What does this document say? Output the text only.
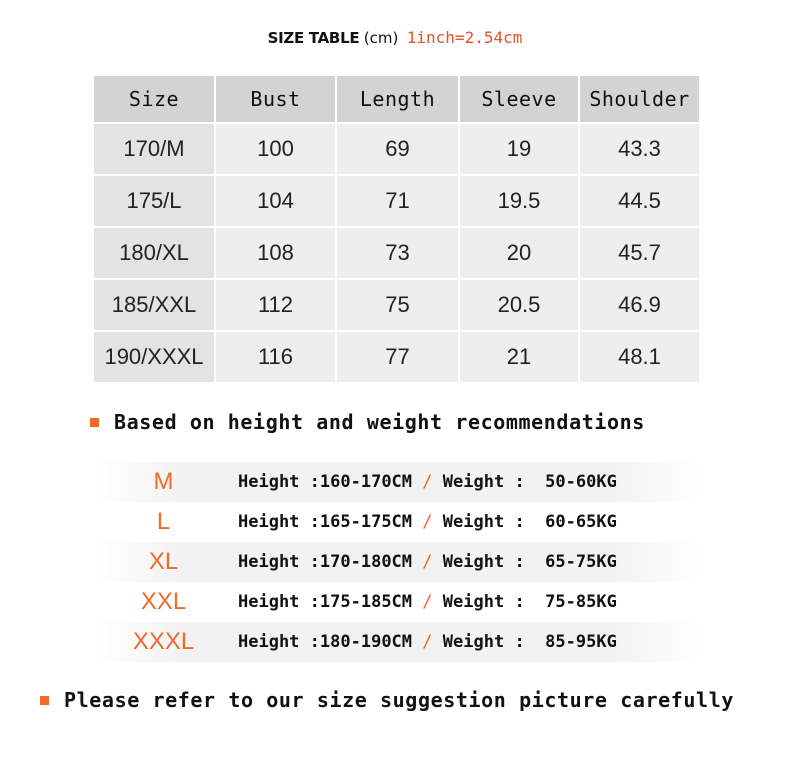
SIZE TABLE (cm) 1inch=2.54cm
Size	Bust	Length	Sleeve	Shoulder
170/M	100	69	19	43.3
175/L	104	71	19.5	44.5
180/XL	108	73	20	45.7
185/XXL	112	75	20.5	46.9
190/XXXL	116	77	21	48.1
Based on height and weight recommendations
M	Height :160-170CM / Weight :  50-60KG
L	Height :165-175CM / Weight :  60-65KG
XL	Height :170-180CM / Weight :  65-75KG
XXL	Height :175-185CM / Weight :  75-85KG
XXXL	Height :180-190CM / Weight :  85-95KG
Please refer to our size suggestion picture carefully
